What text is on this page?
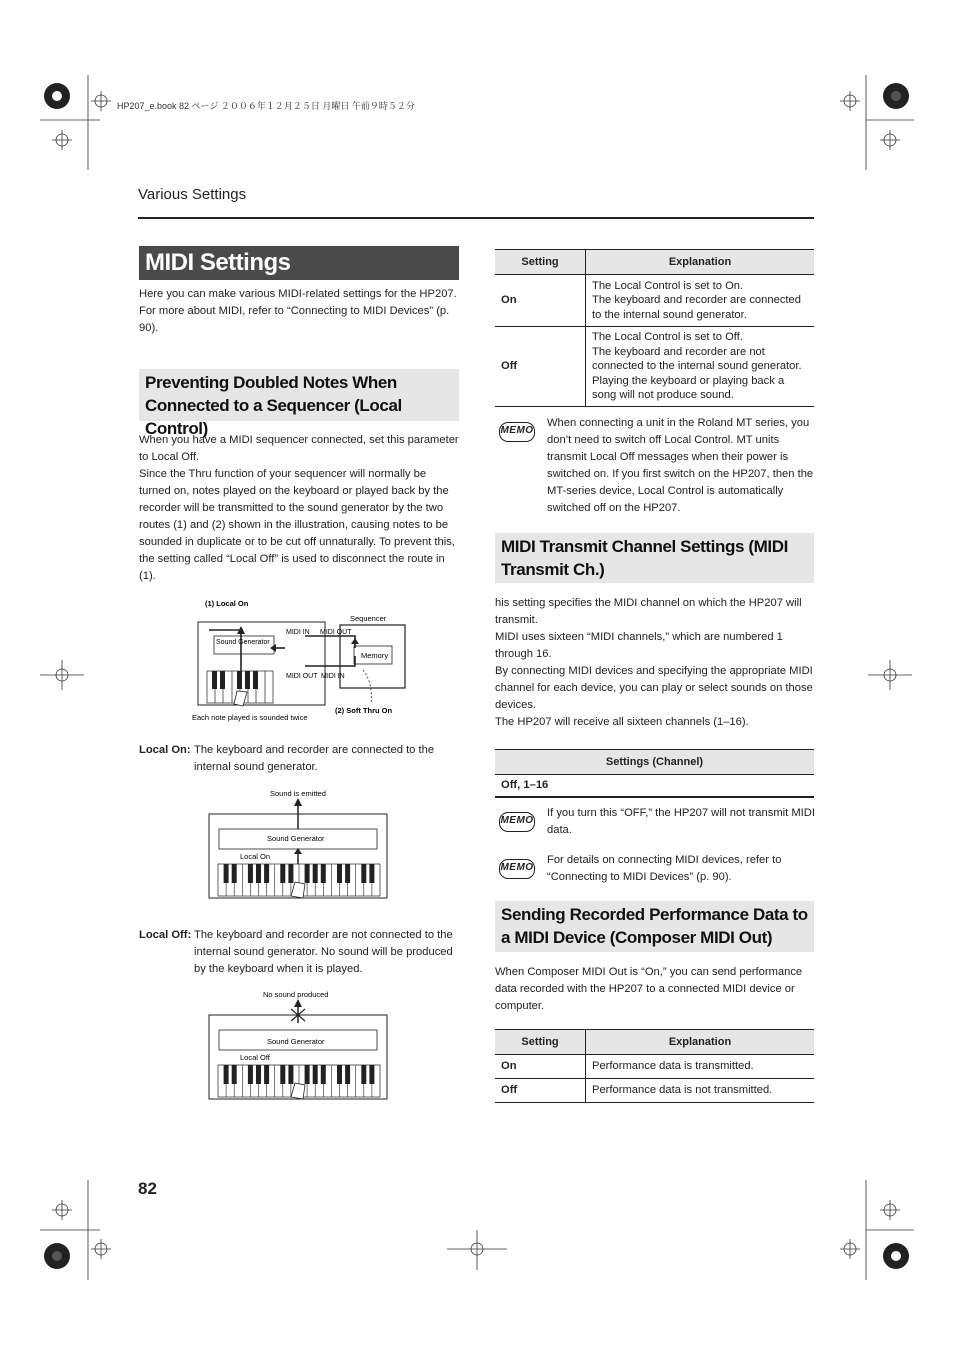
HP207_e.book 82 ページ ２００６年１２月２５日 月曜日 午前９時５２分
Various Settings
MIDI Settings

Here you can make various MIDI-related settings for the HP207.

For more about MIDI, refer to “Connecting to MIDI Devices” (p. 90).

Preventing Doubled Notes When Connected to a Sequencer (Local Control)

When you have a MIDI sequencer connected, set this parameter to Local Off.

Since the Thru function of your sequencer will normally be turned on, notes played on the keyboard or played back by the recorder will be transmitted to the sound generator by the two routes (1) and (2) shown in the illustration, causing notes to be sounded in duplicate or to be cut off unnaturally. To prevent this, the setting called “Local Off” is used to disconnect the route in (1).

(1) Local On
Sequencer
Sound Generator
MIDI IN MIDI OUT
Memory
MIDI OUT MIDI IN
Each note played is sounded twice
(2) Soft Thru On
Local On: The keyboard and recorder are connected to the internal sound generator.
Sound is emitted
Sound Generator
Local On
Local Off: The keyboard and recorder are not connected to the internal sound generator. No sound will be produced by the keyboard when it is played.
No sound produced
Sound Generator
Local Off
82
Setting	Explanation
On	The Local Control is set to On.
The keyboard and recorder are connected to the internal sound generator.
Off	The Local Control is set to Off.
The keyboard and recorder are not connected to the internal sound generator. Playing the keyboard or playing back a song will not produce sound.
MEMO
When connecting a unit in the Roland MT series, you don’t need to switch off Local Control. MT units transmit Local Off messages when their power is switched on. If you first switch on the HP207, then the MT-series device, Local Control is automatically switched off on the HP207.
MIDI Transmit Channel Settings (MIDI Transmit Ch.)

his setting specifies the MIDI channel on which the HP207 will transmit.

MIDI uses sixteen “MIDI channels,” which are numbered 1 through 16.

By connecting MIDI devices and specifying the appropriate MIDI channel for each device, you can play or select sounds on those devices.

The HP207 will receive all sixteen channels (1–16).

Settings (Channel)
Off, 1–16
MEMO
If you turn this “OFF,” the HP207 will not transmit MIDI data.
MEMO
For details on connecting MIDI devices, refer to “Connecting to MIDI Devices” (p. 90).
Sending Recorded Performance Data to a MIDI Device (Composer MIDI Out)
When Composer MIDI Out is “On,” you can send performance data recorded with the HP207 to a connected MIDI device or computer.
Setting	Explanation
On	Performance data is transmitted.
Off	Performance data is not transmitted.
